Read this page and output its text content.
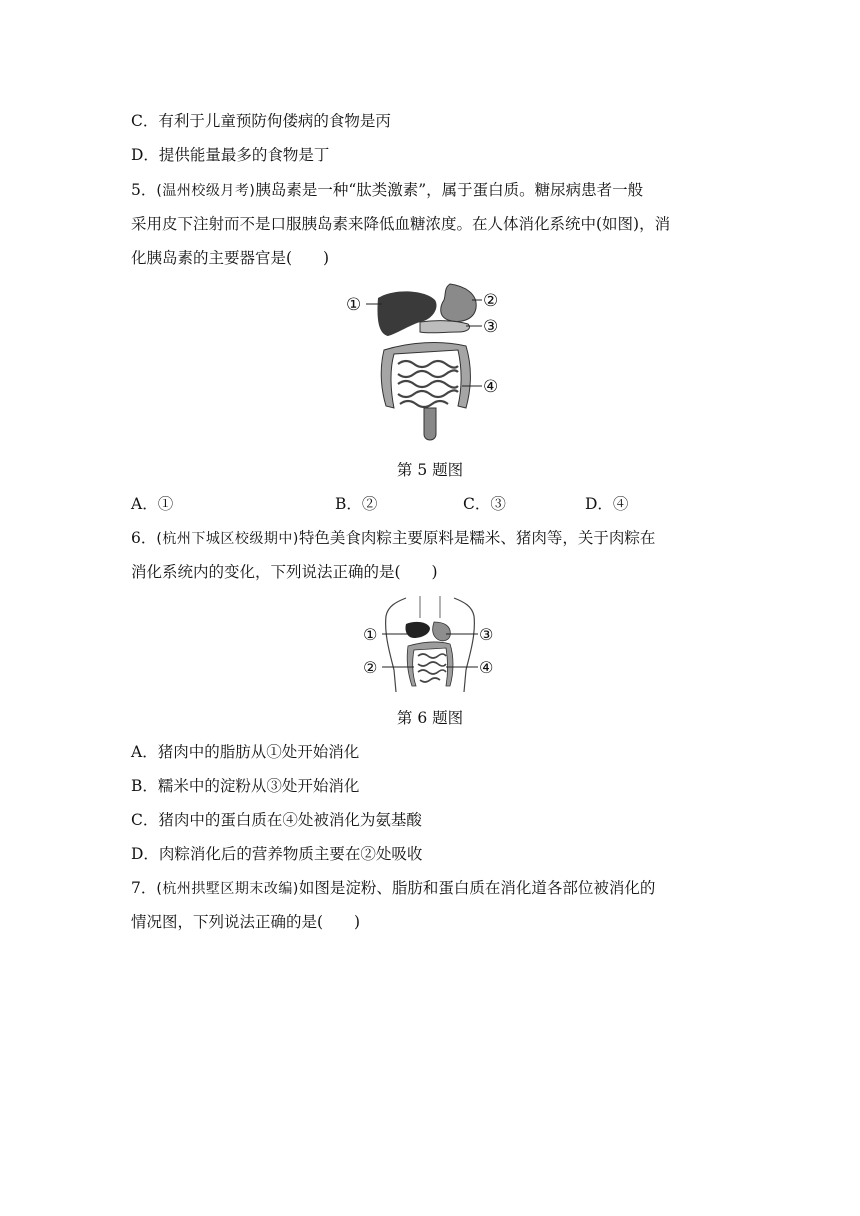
C．有利于儿童预防佝偻病的食物是丙
D．提供能量最多的食物是丁
5．(温州校级月考)胰岛素是一种“肽类激素”，属于蛋白质。糖尿病患者一般
采用皮下注射而不是口服胰岛素来降低血糖浓度。在人体消化系统中(如图)，消
化胰岛素的主要器官是(　　)
①	②
③
④
第 5 题图
A．①	B．②	C．③	D．④
6．(杭州下城区校级期中)特色美食肉粽主要原料是糯米、猪肉等，关于肉粽在
消化系统内的变化，下列说法正确的是(　　)
①	③
②	④
第 6 题图
A．猪肉中的脂肪从①处开始消化
B．糯米中的淀粉从③处开始消化
C．猪肉中的蛋白质在④处被消化为氨基酸
D．肉粽消化后的营养物质主要在②处吸收
7．(杭州拱墅区期末改编)如图是淀粉、脂肪和蛋白质在消化道各部位被消化的
情况图，下列说法正确的是(　　)
